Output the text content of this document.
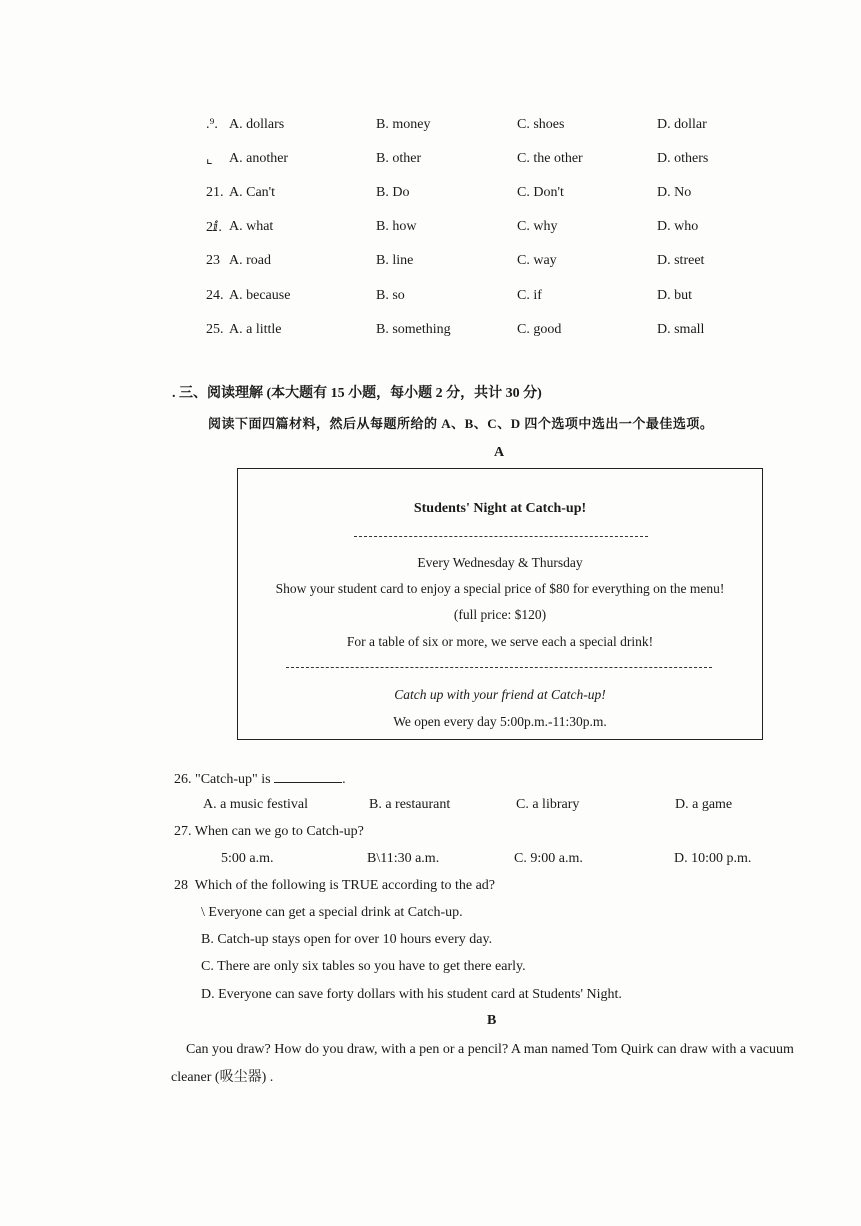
.⁹. A. dollars	B. money	C. shoes	D. dollar
⌞ A. another	B. other	C. the other	D. others
21. A. Can't	B. Do	C. Don't	D. No
2ⅈ. A. what	B. how	C. why	D. who
23 A. road	B. line	C. way	D. street
24. A. because	B. so	C. if	D. but
25. A. a little	B. something	C. good	D. small
. 三、阅读理解 (本大题有 15 小题，每小题 2 分，共计 30 分)
阅读下面四篇材料，然后从每题所给的 A、B、C、D 四个选项中选出一个最佳选项。
A
Students' Night at Catch-up!
Every Wednesday & Thursday
Show your student card to enjoy a special price of $80 for everything on the menu!
(full price: $120)
For a table of six or more, we serve each a special drink!
Catch up with your friend at Catch-up!
We open every day 5:00p.m.-11:30p.m.
26. "Catch-up" is	.
A. a music festival	B. a restaurant	C. a library	D. a game
27. When can we go to Catch-up?
5:00 a.m.	B\11:30 a.m.	C. 9:00 a.m.	D. 10:00 p.m.
28 Which of the following is TRUE according to the ad?
\ Everyone can get a special drink at Catch-up.
B. Catch-up stays open for over 10 hours every day.
C. There are only six tables so you have to get there early.
D. Everyone can save forty dollars with his student card at Students' Night.
B
Can you draw? How do you draw, with a pen or a pencil? A man named Tom Quirk can draw with a vacuum
cleaner (吸尘器) .
